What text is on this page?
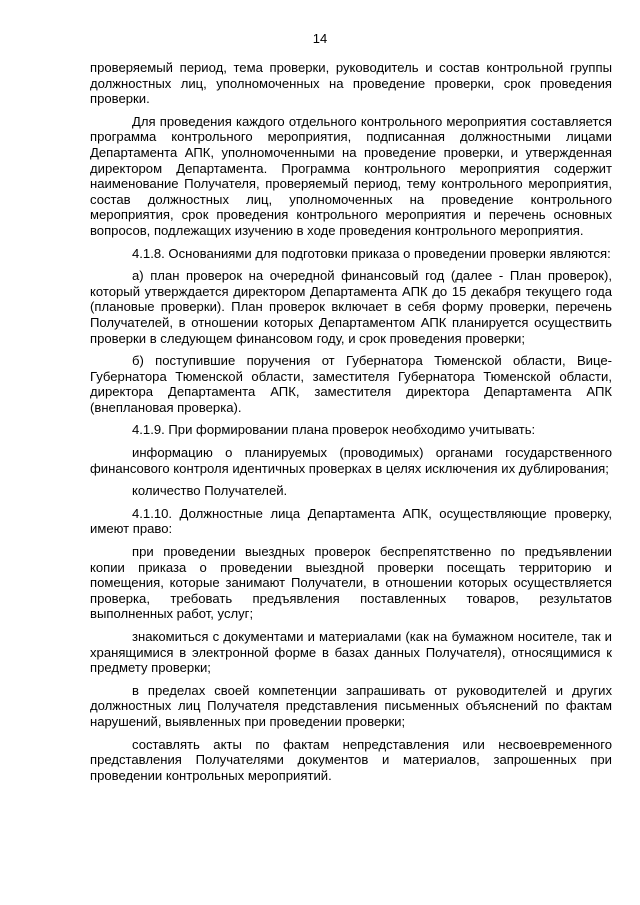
14

проверяемый период, тема проверки, руководитель и состав контрольной группы должностных лиц, уполномоченных на проведение проверки, срок проведения проверки.

Для проведения каждого отдельного контрольного мероприятия составляется программа контрольного мероприятия, подписанная должностными лицами Департамента АПК, уполномоченными на проведение проверки, и утвержденная директором Департамента. Программа контрольного мероприятия содержит наименование Получателя, проверяемый период, тему контрольного мероприятия, состав должностных лиц, уполномоченных на проведение контрольного мероприятия, срок проведения контрольного мероприятия и перечень основных вопросов, подлежащих изучению в ходе проведения контрольного мероприятия.

4.1.8. Основаниями для подготовки приказа о проведении проверки являются:

а) план проверок на очередной финансовый год (далее - План проверок), который утверждается директором Департамента АПК до 15 декабря текущего года (плановые проверки). План проверок включает в себя форму проверки, перечень Получателей, в отношении которых Департаментом АПК планируется осуществить проверки в следующем финансовом году, и срок проведения проверки;

б) поступившие поручения от Губернатора Тюменской области, Вице-Губернатора Тюменской области, заместителя Губернатора Тюменской области, директора Департамента АПК, заместителя директора Департамента АПК (внеплановая проверка).

4.1.9. При формировании плана проверок необходимо учитывать:

информацию о планируемых (проводимых) органами государственного финансового контроля идентичных проверках в целях исключения их дублирования;

количество Получателей.

4.1.10. Должностные лица Департамента АПК, осуществляющие проверку, имеют право:

при проведении выездных проверок беспрепятственно по предъявлении копии приказа о проведении выездной проверки посещать территорию и помещения, которые занимают Получатели, в отношении которых осуществляется проверка, требовать предъявления поставленных товаров, результатов выполненных работ, услуг;

знакомиться с документами и материалами (как на бумажном носителе, так и хранящимися в электронной форме в базах данных Получателя), относящимися к предмету проверки;

в пределах своей компетенции запрашивать от руководителей и других должностных лиц Получателя представления письменных объяснений по фактам нарушений, выявленных при проведении проверки;

составлять акты по фактам непредставления или несвоевременного представления Получателями документов и материалов, запрошенных при проведении контрольных мероприятий.
